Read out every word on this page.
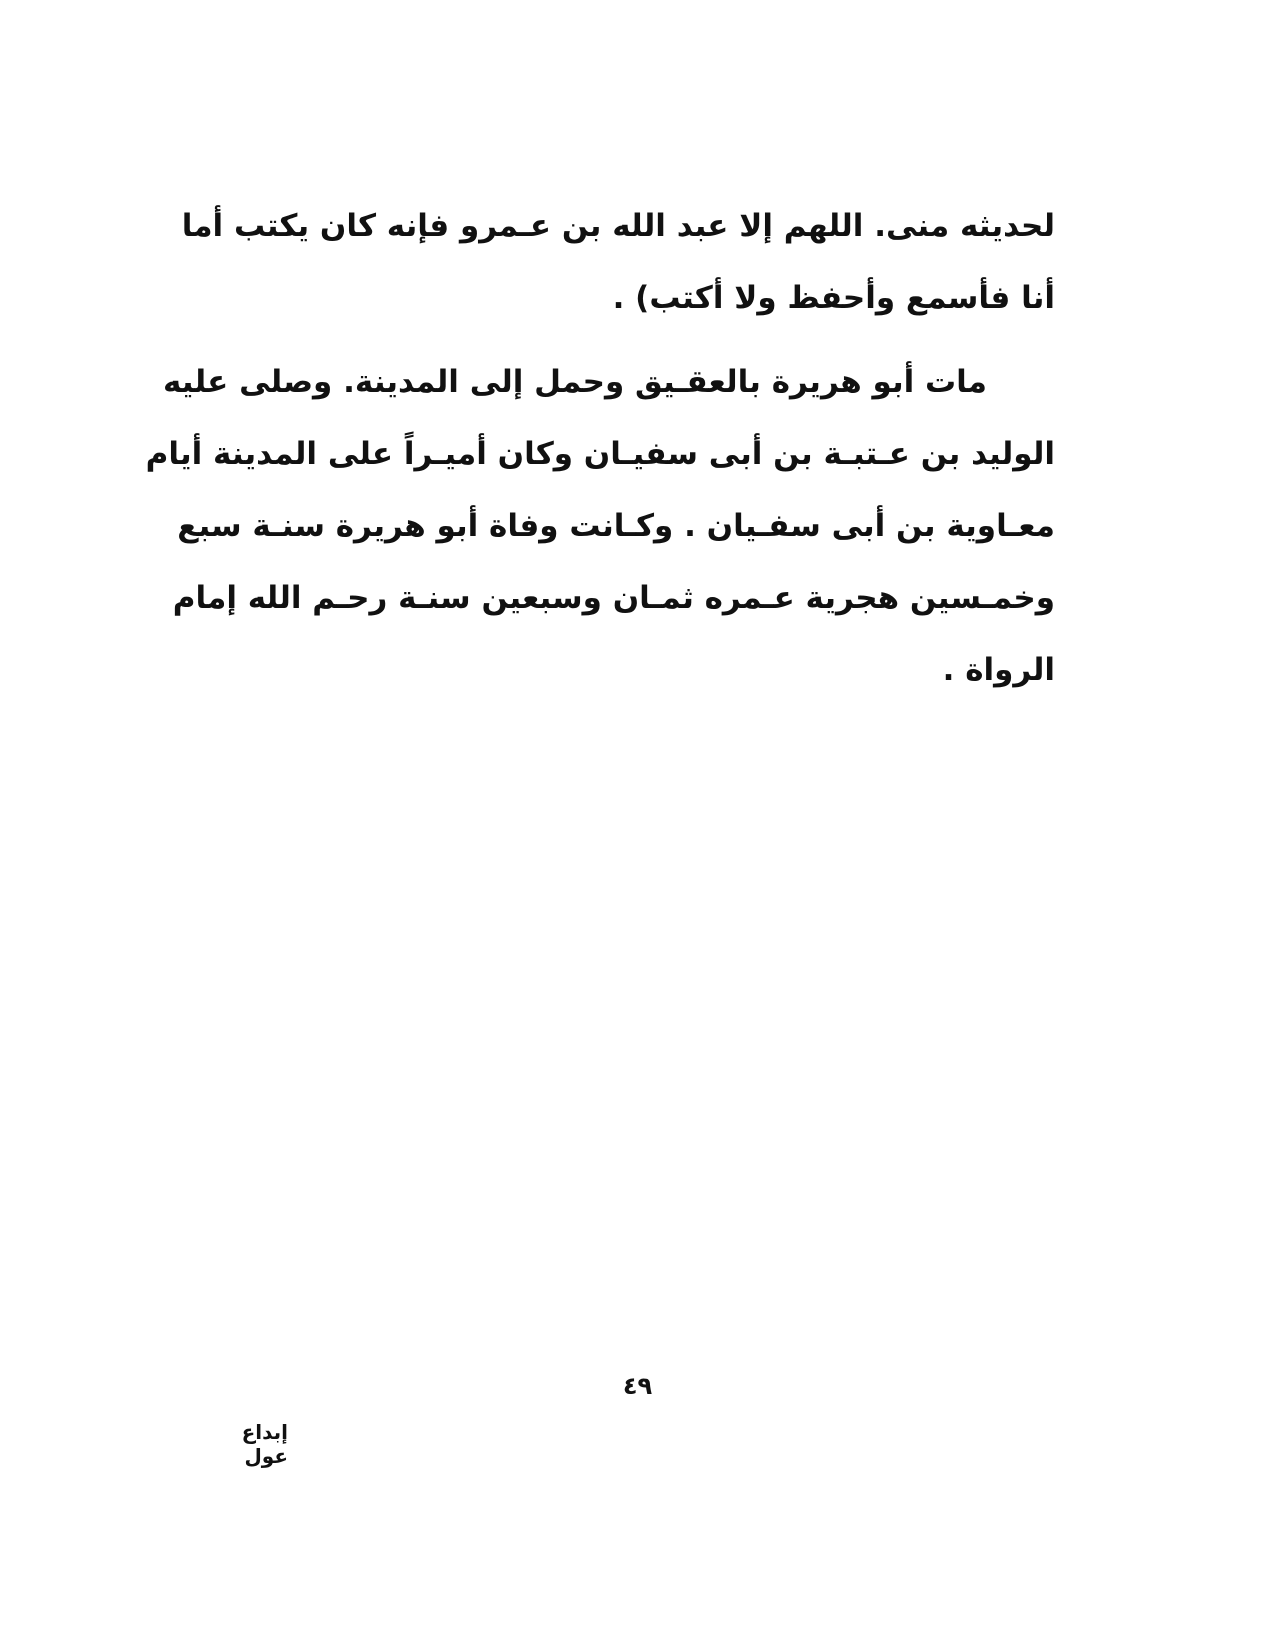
لحديثه منى. اللهم إلا عبد الله بن عـمرو فإنه كان يكتب أما
أنا فأسمع وأحفظ ولا أكتب) .

مات أبو هريرة بالعقـيق وحمل إلى المدينة. وصلى عليه
الوليد بن عـتبـة بن أبى سفيـان وكان أميـراً على المدينة أيام
معـاوية بن أبى سفـيان . وكـانت وفاة أبو هريرة سنـة سبع
وخمـسين هجرية عـمره ثمـان وسبعين سنـة رحـم الله إمام
الرواة .

٤٩
إبداع عول
